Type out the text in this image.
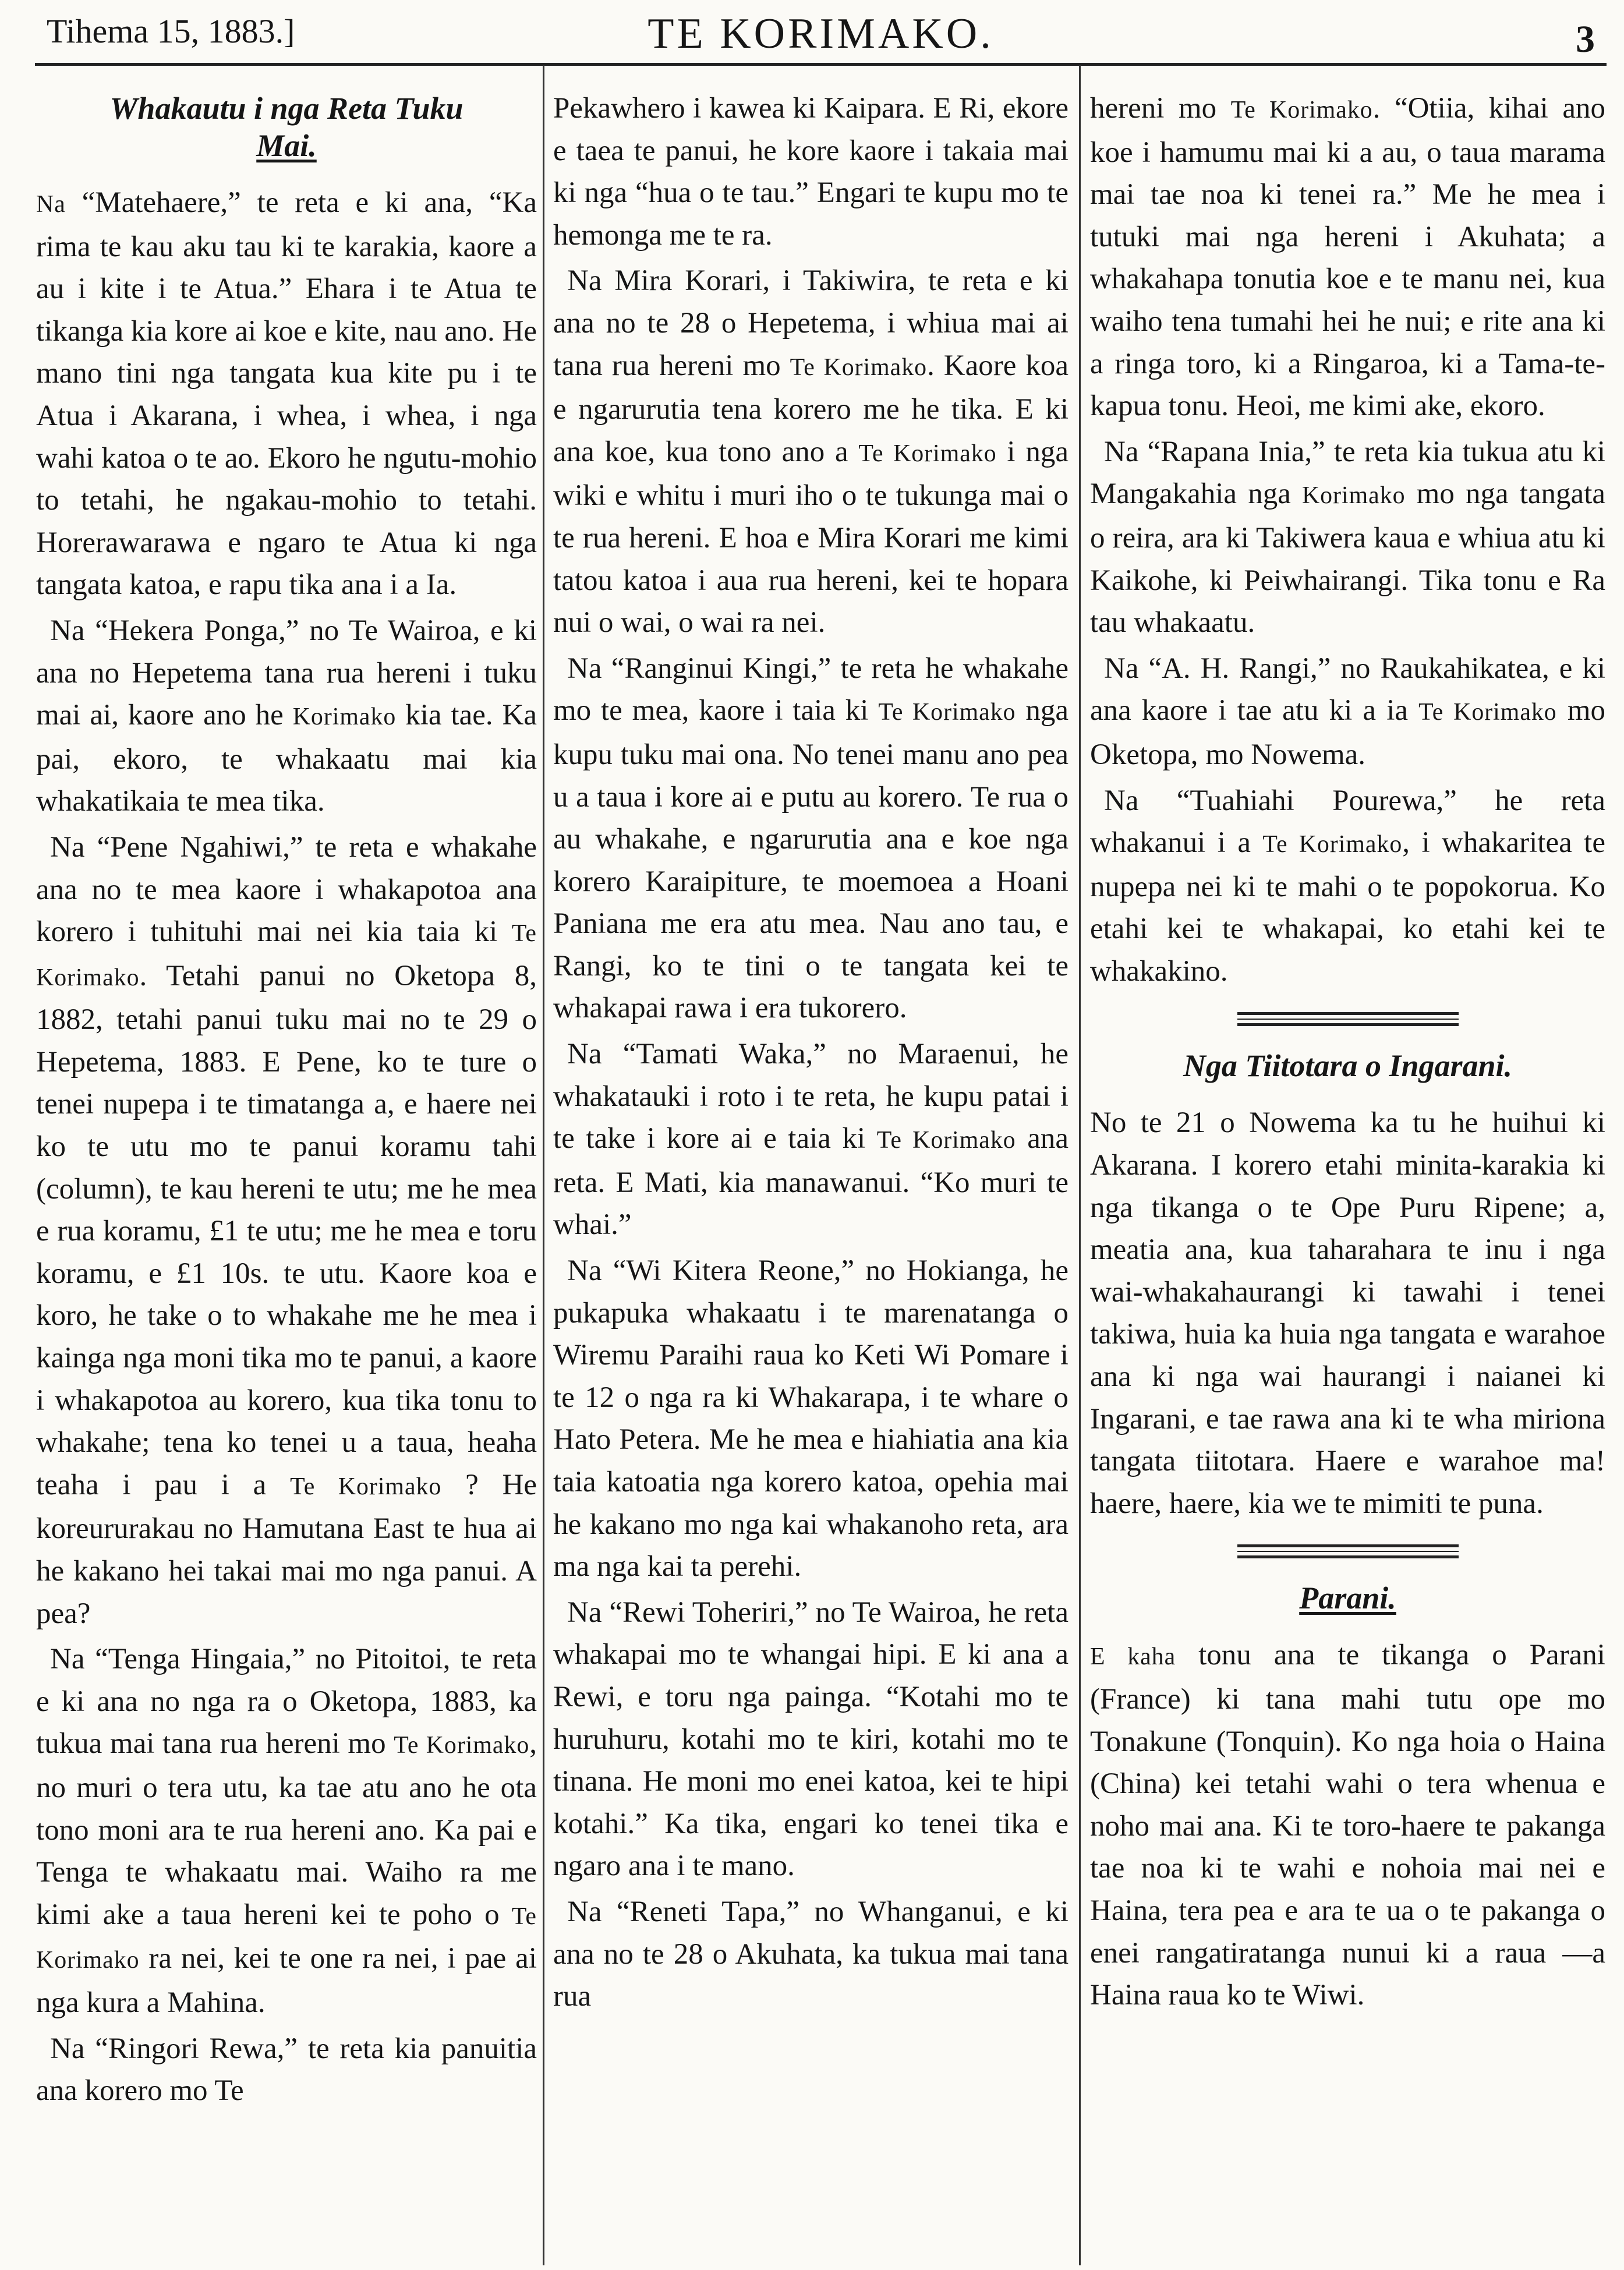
Tihema 15, 1883.]	TE KORIMAKO.	3
Whakautu i nga Reta Tuku
Mai.

Na “Matehaere,” te reta e ki ana, “Ka rima te kau aku tau ki te karakia, kaore a au i kite i te Atua.” Ehara i te Atua te tikanga kia kore ai koe e kite, nau ano. He mano tini nga tangata kua kite pu i te Atua i Akarana, i whea, i whea, i nga wahi katoa o te ao. Ekoro he ngutu-mohio to tetahi, he ngakau-mohio to tetahi. Horerawarawa e ngaro te Atua ki nga tangata katoa, e rapu tika ana i a Ia.

Na “Hekera Ponga,” no Te Wairoa, e ki ana no Hepetema tana rua hereni i tuku mai ai, kaore ano he Korimako kia tae. Ka pai, ekoro, te whakaatu mai kia whakatikaia te mea tika.

Na “Pene Ngahiwi,” te reta e whakahe ana no te mea kaore i whakapotoa ana korero i tuhituhi mai nei kia taia ki Te Korimako. Tetahi panui no Oketopa 8, 1882, tetahi panui tuku mai no te 29 o Hepetema, 1883. E Pene, ko te ture o tenei nupepa i te timatanga a, e haere nei ko te utu mo te panui koramu tahi (column), te kau hereni te utu; me he mea e rua koramu, £1 te utu; me he mea e toru koramu, e £1 10s. te utu. Kaore koa e koro, he take o to whakahe me he mea i kainga nga moni tika mo te panui, a kaore i whakapotoa au korero, kua tika tonu to whakahe; tena ko tenei u a taua, heaha teaha i pau i a Te Korimako ? He koreururakau no Hamutana East te hua ai he kakano hei takai mai mo nga panui. A pea?

Na “Tenga Hingaia,” no Pitoitoi, te reta e ki ana no nga ra o Oketopa, 1883, ka tukua mai tana rua hereni mo Te Korimako, no muri o tera utu, ka tae atu ano he ota tono moni ara te rua hereni ano. Ka pai e Tenga te whakaatu mai. Waiho ra me kimi ake a taua hereni kei te poho o Te Korimako ra nei, kei te one ra nei, i pae ai nga kura a Mahina.

Na “Ringori Rewa,” te reta kia panuitia ana korero mo Te

Pekawhero i kawea ki Kaipara. E Ri, ekore e taea te panui, he kore kaore i takaia mai ki nga “hua o te tau.” Engari te kupu mo te hemonga me te ra.

Na Mira Korari, i Takiwira, te reta e ki ana no te 28 o Hepetema, i whiua mai ai tana rua hereni mo Te Korimako. Kaore koa e ngarurutia tena korero me he tika. E ki ana koe, kua tono ano a Te Korimako i nga wiki e whitu i muri iho o te tukunga mai o te rua hereni. E hoa e Mira Korari me kimi tatou katoa i aua rua hereni, kei te hopara nui o wai, o wai ra nei.

Na “Ranginui Kingi,” te reta he whakahe mo te mea, kaore i taia ki Te Korimako nga kupu tuku mai ona. No tenei manu ano pea u a taua i kore ai e putu au korero. Te rua o au whakahe, e ngarurutia ana e koe nga korero Karaipiture, te moemoea a Hoani Paniana me era atu mea. Nau ano tau, e Rangi, ko te tini o te tangata kei te whakapai rawa i era tukorero.

Na “Tamati Waka,” no Maraenui, he whakatauki i roto i te reta, he kupu patai i te take i kore ai e taia ki Te Korimako ana reta. E Mati, kia manawanui. “Ko muri te whai.”

Na “Wi Kitera Reone,” no Hokianga, he pukapuka whakaatu i te marenatanga o Wiremu Paraihi raua ko Keti Wi Pomare i te 12 o nga ra ki Whakarapa, i te whare o Hato Petera. Me he mea e hiahiatia ana kia taia katoatia nga korero katoa, opehia mai he kakano mo nga kai whakanoho reta, ara ma nga kai ta perehi.

Na “Rewi Toheriri,” no Te Wairoa, he reta whakapai mo te whangai hipi. E ki ana a Rewi, e toru nga painga. “Kotahi mo te huruhuru, kotahi mo te kiri, kotahi mo te tinana. He moni mo enei katoa, kei te hipi kotahi.” Ka tika, engari ko tenei tika e ngaro ana i te mano.

Na “Reneti Tapa,” no Whanganui, e ki ana no te 28 o Akuhata, ka tukua mai tana rua

hereni mo Te Korimako. “Otiia, kihai ano koe i hamumu mai ki a au, o taua marama mai tae noa ki tenei ra.” Me he mea i tutuki mai nga hereni i Akuhata; a whakahapa tonutia koe e te manu nei, kua waiho tena tumahi hei he nui; e rite ana ki a ringa toro, ki a Ringaroa, ki a Tama-te-kapua tonu. Heoi, me kimi ake, ekoro.

Na “Rapana Inia,” te reta kia tukua atu ki Mangakahia nga Korimako mo nga tangata o reira, ara ki Takiwera kaua e whiua atu ki Kaikohe, ki Peiwhairangi. Tika tonu e Ra tau whakaatu.

Na “A. H. Rangi,” no Raukahikatea, e ki ana kaore i tae atu ki a ia Te Korimako mo Oketopa, mo Nowema.

Na “Tuahiahi Pourewa,” he reta whakanui i a Te Korimako, i whakaritea te nupepa nei ki te mahi o te popokorua. Ko etahi kei te whakapai, ko etahi kei te whakakino.

Nga Tiitotara o Ingarani.

No te 21 o Nowema ka tu he huihui ki Akarana. I korero etahi minita-karakia ki nga tikanga o te Ope Puru Ripene; a, meatia ana, kua taharahara te inu i nga wai-whakahaurangi ki tawahi i tenei takiwa, huia ka huia nga tangata e warahoe ana ki nga wai haurangi i naianei ki Ingarani, e tae rawa ana ki te wha miriona tangata tiitotara. Haere e warahoe ma! haere, haere, kia we te mimiti te puna.

Parani.

E kaha tonu ana te tikanga o Parani (France) ki tana mahi tutu ope mo Tonakune (Tonquin). Ko nga hoia o Haina (China) kei tetahi wahi o tera whenua e noho mai ana. Ki te toro-haere te pakanga tae noa ki te wahi e nohoia mai nei e Haina, tera pea e ara te ua o te pakanga o enei rangatiratanga nunui ki a raua —a Haina raua ko te Wiwi.
